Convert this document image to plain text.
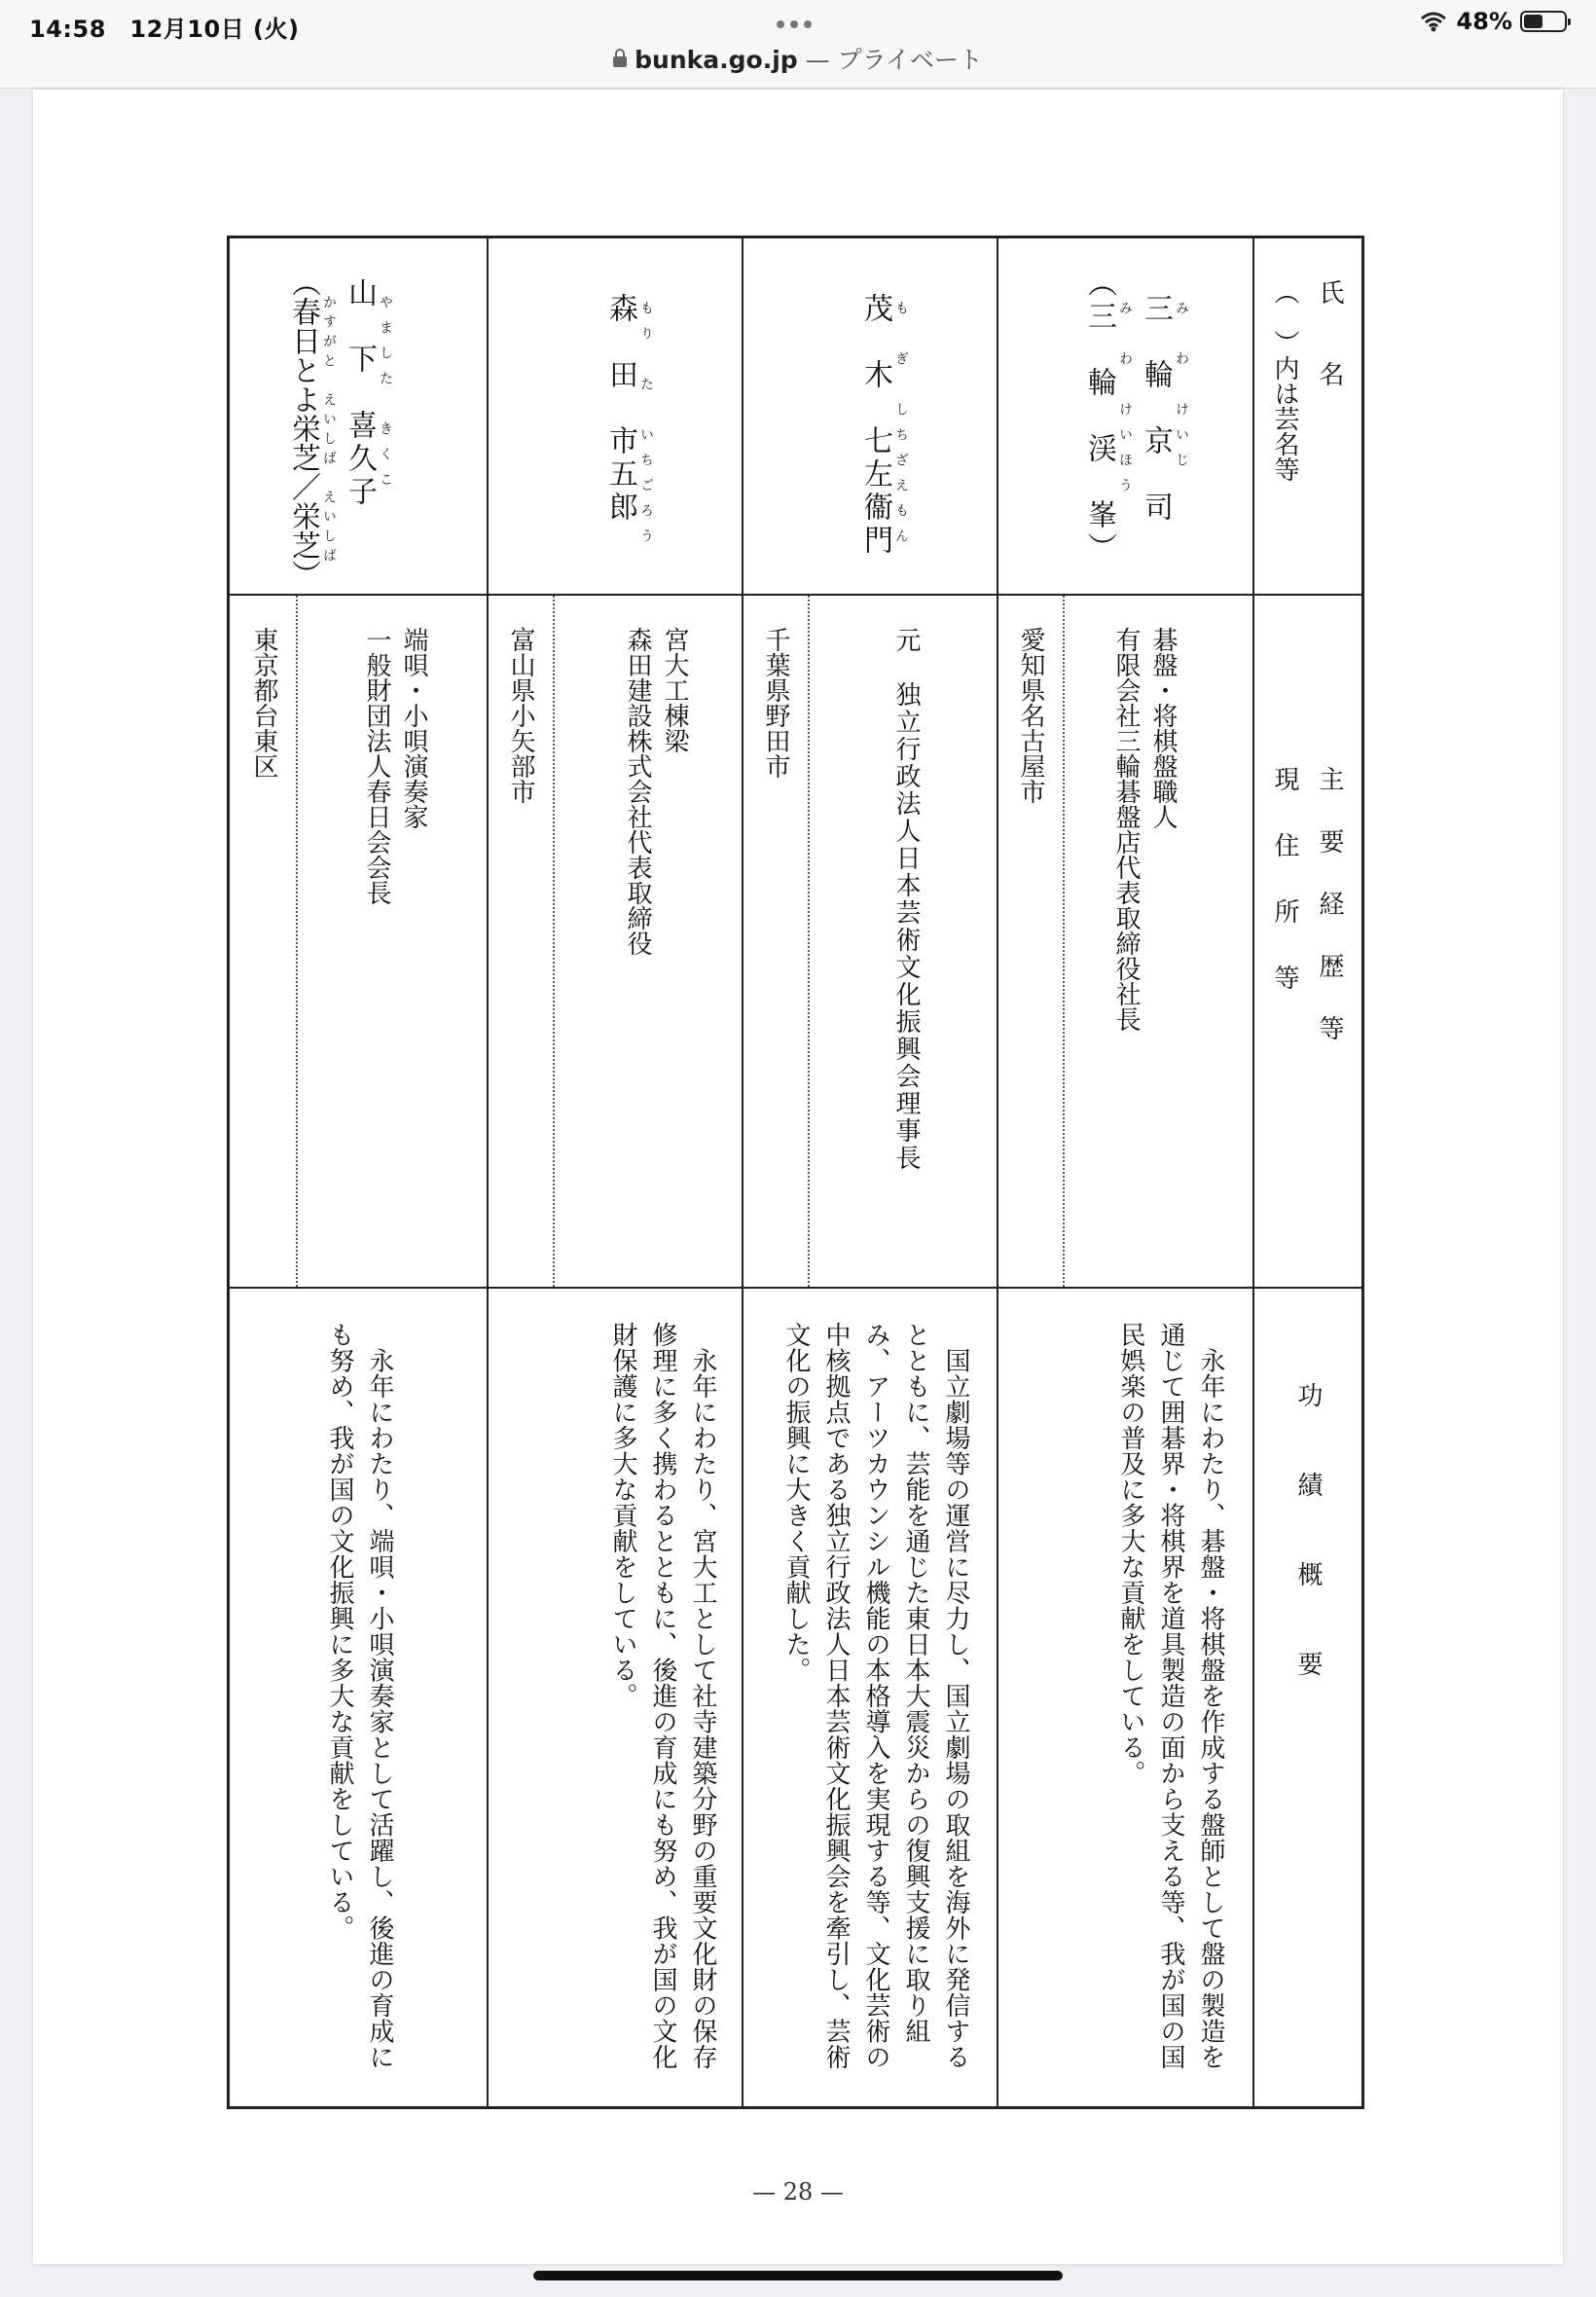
14:58　12月10日 (火)
bunka.go.jp — プライベート
48%
氏　　名
（　）内は芸名等
主　要　経　歴　等
現　住　所　等
功　績　概　要
み　わ　けいじ
三　輪　京　司
み　わ　けいほう
（三　輪　渓　峯）
碁盤・将棋盤職人
有限会社三輪碁盤店代表取締役社長
愛知県名古屋市
　永年にわたり、碁盤・将棋盤を作成する盤師として盤の製造を通じて囲碁界・将棋界を道具製造の面から支える等、我が国の国民娯楽の普及に多大な貢献をしている。
も　ぎ　しちざえもん
茂　木　七左衞門
元　独立行政法人日本芸術文化振興会理事長
千葉県野田市
　国立劇場等の運営に尽力し、国立劇場の取組を海外に発信するとともに、芸能を通じた東日本大震災からの復興支援に取り組み、アーツカウンシル機能の本格導入を実現する等、文化芸術の中核拠点である独立行政法人日本芸術文化振興会を牽引し、芸術文化の振興に大きく貢献した。
もり　た　いちごろう
森　田　市五郎
宮大工棟梁
森田建設株式会社代表取締役
富山県小矢部市
　永年にわたり、宮大工として社寺建築分野の重要文化財の保存修理に多く携わるとともに、後進の育成にも努め、我が国の文化財保護に多大な貢献をしている。
やました　きくこ
山　下　喜久子
かすがと　えいしば　えいしば
（春日とよ栄芝／栄芝）
端唄・小唄演奏家
一般財団法人春日会会長
東京都台東区
　永年にわたり、端唄・小唄演奏家として活躍し、後進の育成にも努め、我が国の文化振興に多大な貢献をしている。
— 28 —
